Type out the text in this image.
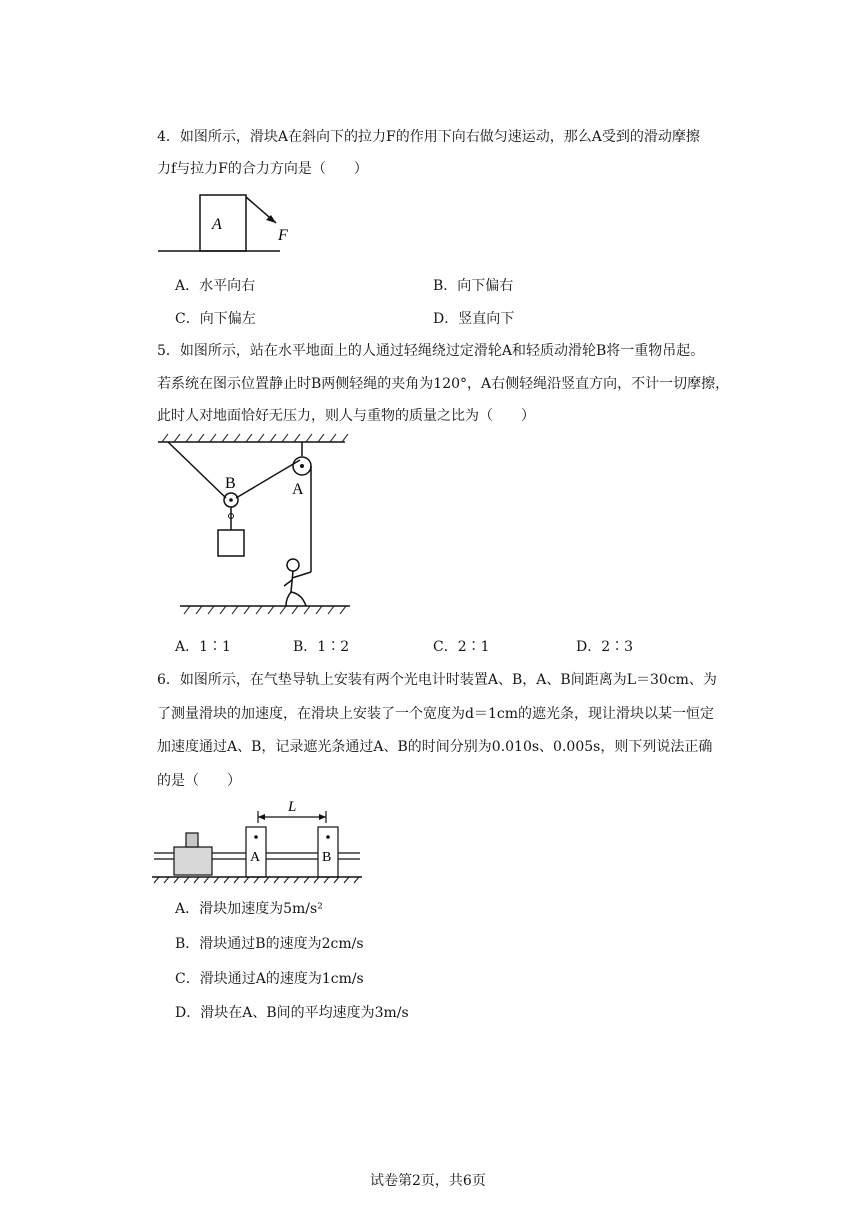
4．如图所示，滑块A在斜向下的拉力F的作用下向右做匀速运动，那么A受到的滑动摩擦
力f与拉力F的合力方向是（　　）
A
F
A．水平向右	B．向下偏右
C．向下偏左	D．竖直向下
5．如图所示，站在水平地面上的人通过轻绳绕过定滑轮A和轻质动滑轮B将一重物吊起。
若系统在图示位置静止时B两侧轻绳的夹角为120°，A右侧轻绳沿竖直方向，不计一切摩擦，
此时人对地面恰好无压力，则人与重物的质量之比为（　　）
A
B
A．1∶1	B．1∶2	C．2∶1	D．2∶3
6．如图所示，在气垫导轨上安装有两个光电计时装置A、B，A、B间距离为L＝30cm、为
了测量滑块的加速度，在滑块上安装了一个宽度为d＝1cm的遮光条，现让滑块以某一恒定
加速度通过A、B，记录遮光条通过A、B的时间分别为0.010s、0.005s，则下列说法正确
的是（　　）
L
A	B
A．滑块加速度为5m/s²
B．滑块通过B的速度为2cm/s
C．滑块通过A的速度为1cm/s
D．滑块在A、B间的平均速度为3m/s
试卷第2页，共6页
